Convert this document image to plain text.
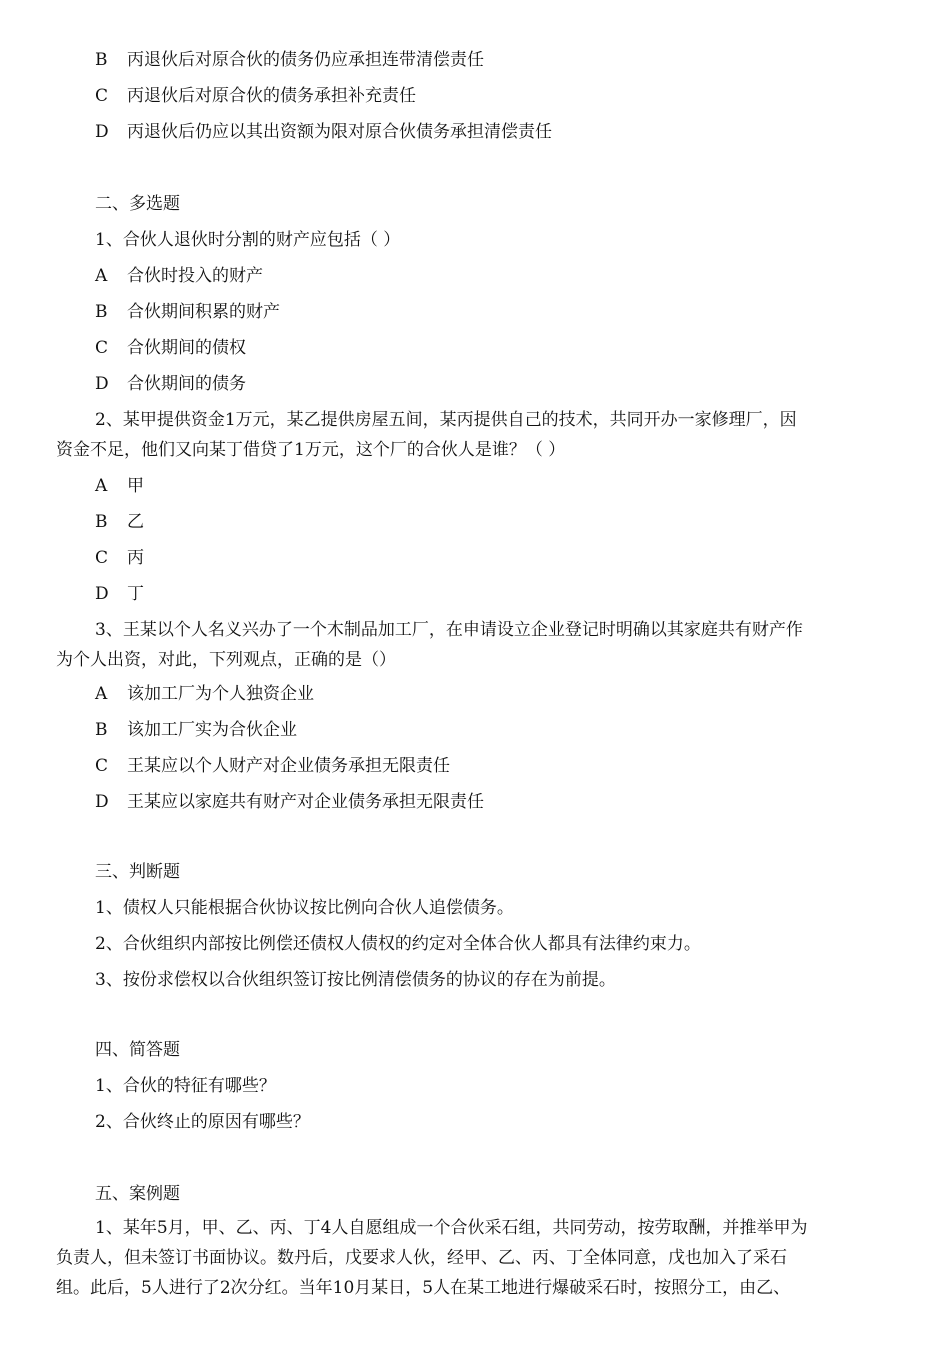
B 丙退伙后对原合伙的债务仍应承担连带清偿责任
C 丙退伙后对原合伙的债务承担补充责任
D 丙退伙后仍应以其出资额为限对原合伙债务承担清偿责任
二、多选题
1、合伙人退伙时分割的财产应包括（ ）
A 合伙时投入的财产
B 合伙期间积累的财产
C 合伙期间的债权
D 合伙期间的债务
2、某甲提供资金1万元，某乙提供房屋五间，某丙提供自己的技术，共同开办一家修理厂，因
资金不足，他们又向某丁借贷了1万元，这个厂的合伙人是谁？（ ）
A 甲
B 乙
C 丙
D 丁
3、王某以个人名义兴办了一个木制品加工厂，在申请设立企业登记时明确以其家庭共有财产作
为个人出资，对此，下列观点，正确的是（）
A 该加工厂为个人独资企业
B 该加工厂实为合伙企业
C 王某应以个人财产对企业债务承担无限责任
D 王某应以家庭共有财产对企业债务承担无限责任
三、判断题
1、债权人只能根据合伙协议按比例向合伙人追偿债务。
2、合伙组织内部按比例偿还债权人债权的约定对全体合伙人都具有法律约束力。
3、按份求偿权以合伙组织签订按比例清偿债务的协议的存在为前提。
四、简答题
1、合伙的特征有哪些？
2、合伙终止的原因有哪些？
五、案例题
1、某年5月，甲、乙、丙、丁4人自愿组成一个合伙采石组，共同劳动，按劳取酬，并推举甲为
负责人，但未签订书面协议。数丹后，戊要求人伙，经甲、乙、丙、丁全体同意，戊也加入了采石
组。此后，5人进行了2次分红。当年10月某日，5人在某工地进行爆破采石时，按照分工，由乙、
